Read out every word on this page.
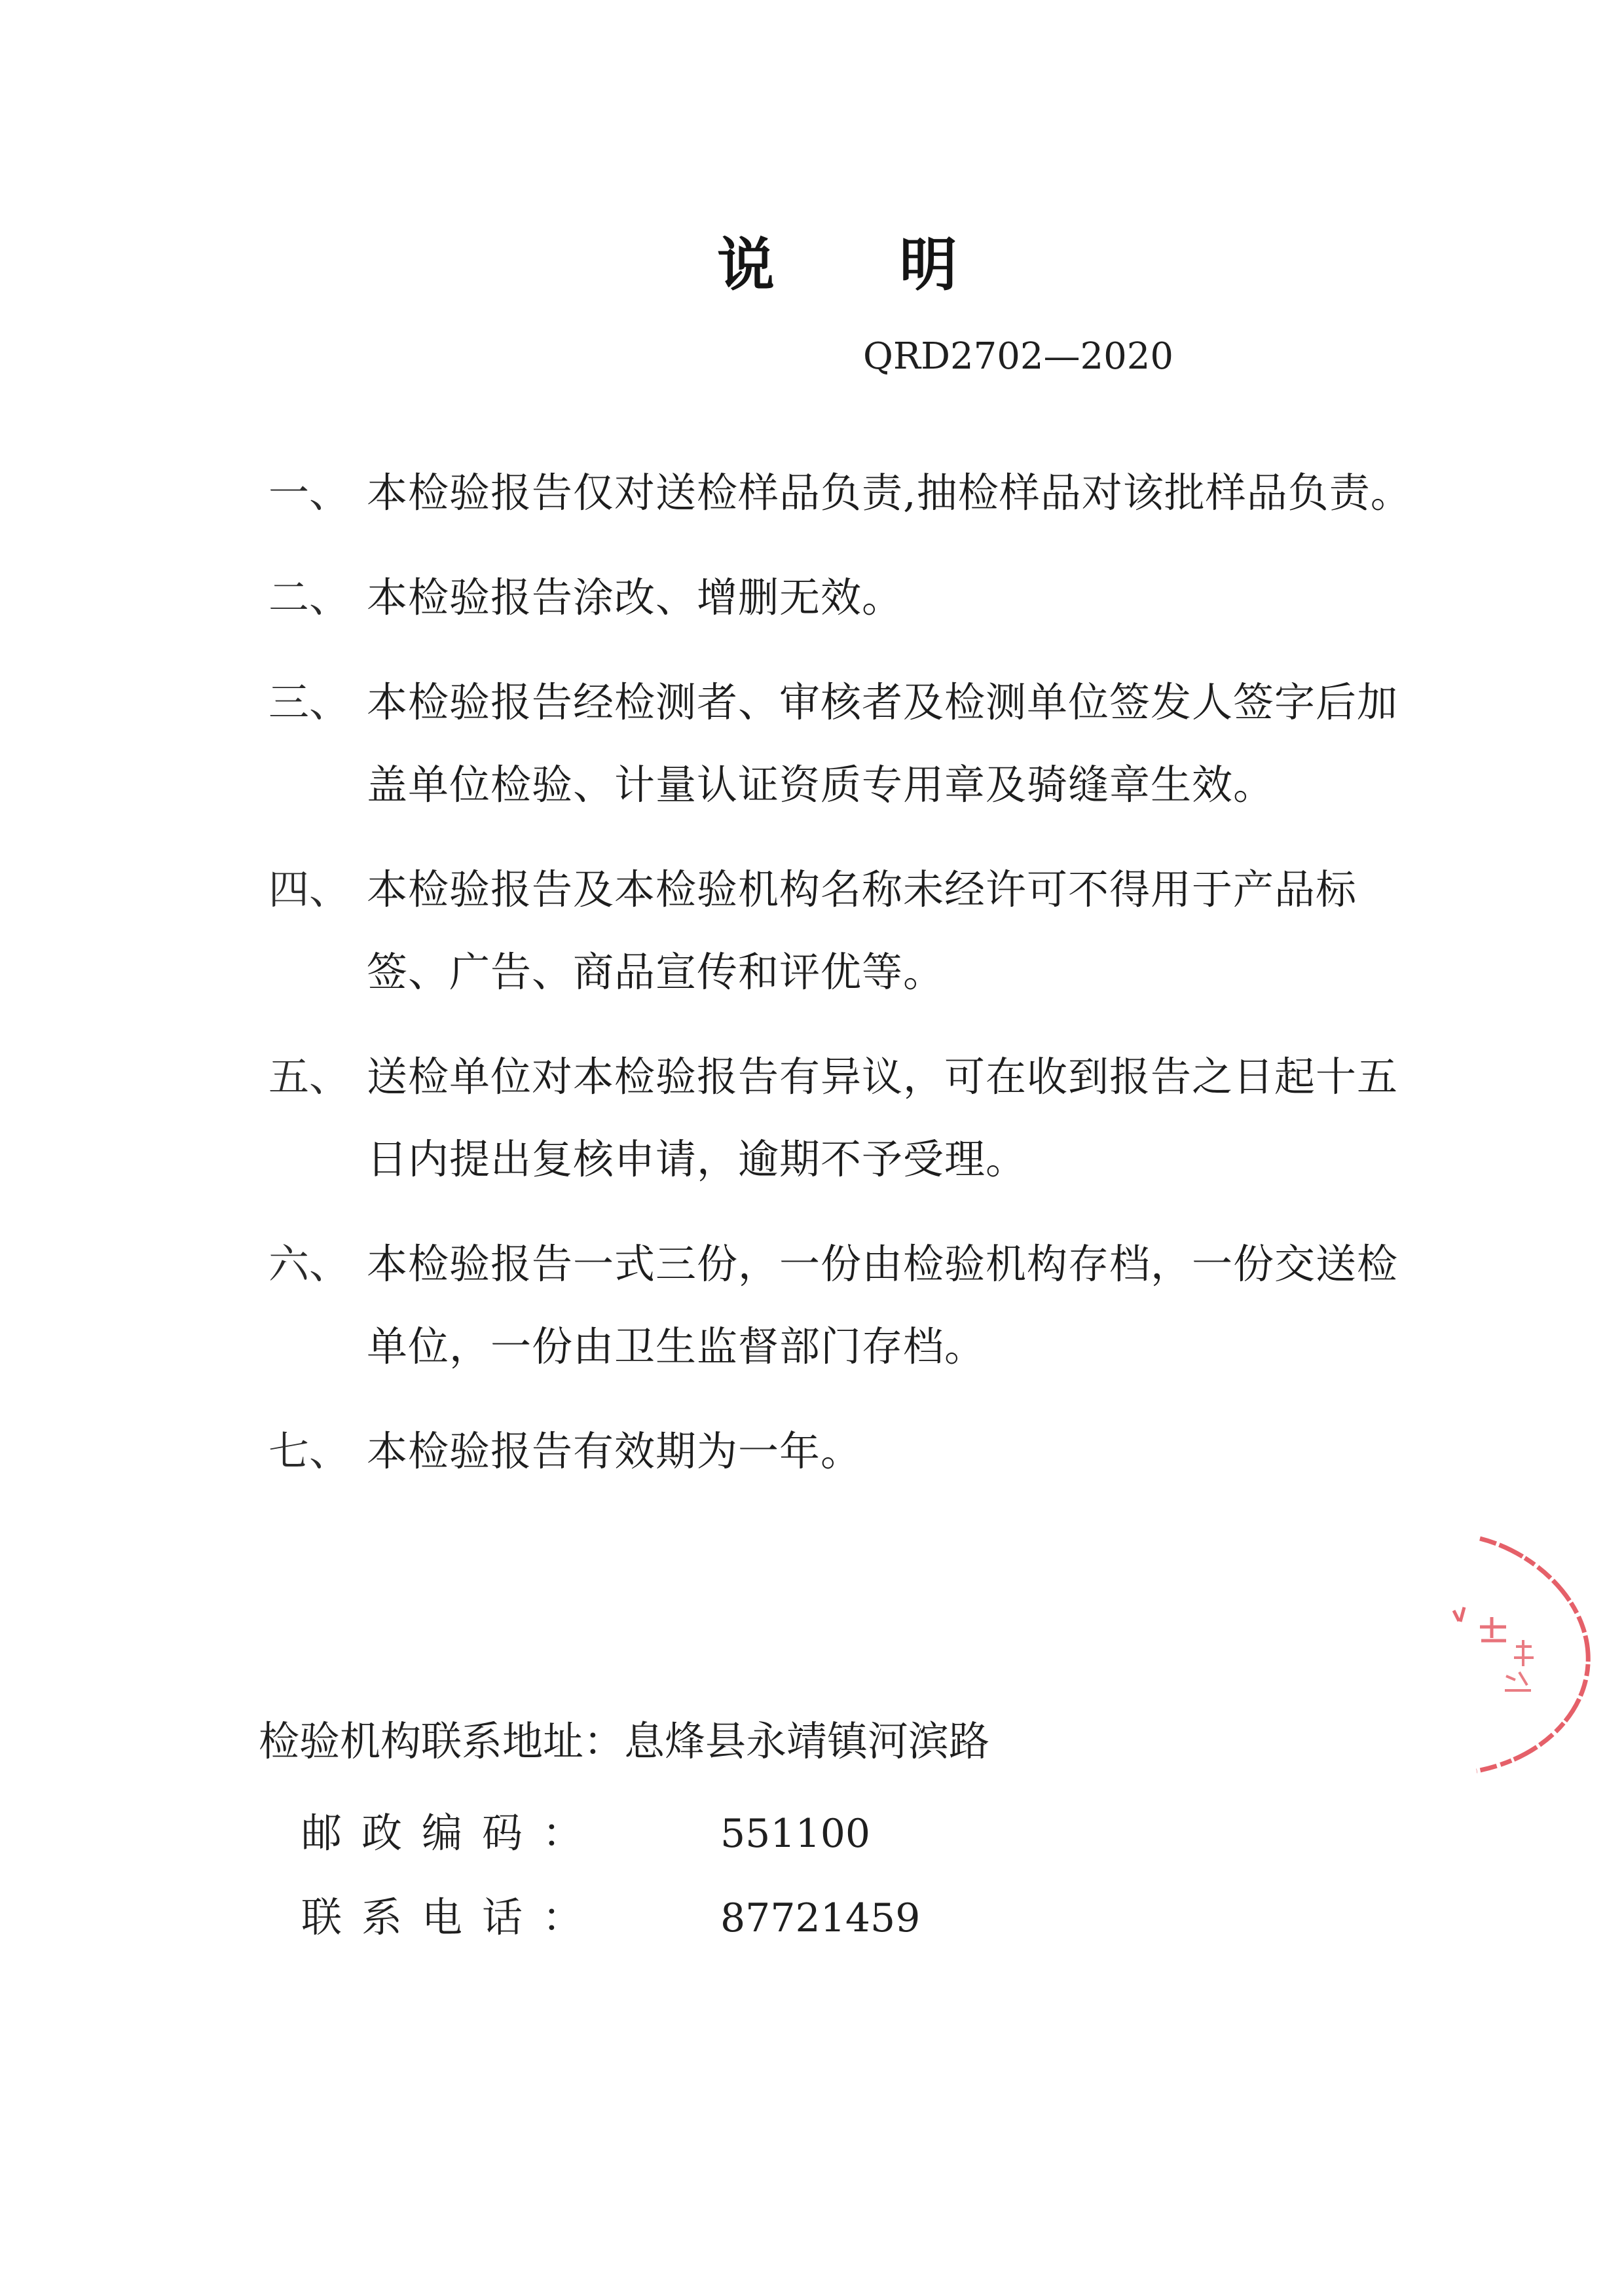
说 明
QRD2702—2020
一、 本检验报告仅对送检样品负责,抽检样品对该批样品负责。
二、 本检验报告涂改、增删无效。
三、 本检验报告经检测者、审核者及检测单位签发人签字后加盖单位检验、计量认证资质专用章及骑缝章生效。
四、 本检验报告及本检验机构名称未经许可不得用于产品标签、广告、商品宣传和评优等。
五、 送检单位对本检验报告有异议，可在收到报告之日起十五日内提出复核申请，逾期不予受理。
六、 本检验报告一式三份，一份由检验机构存档，一份交送检单位，一份由卫生监督部门存档。
七、 本检验报告有效期为一年。
检验机构联系地址： 息烽县永靖镇河滨路
邮政编码：	551100
联系电话：	87721459
